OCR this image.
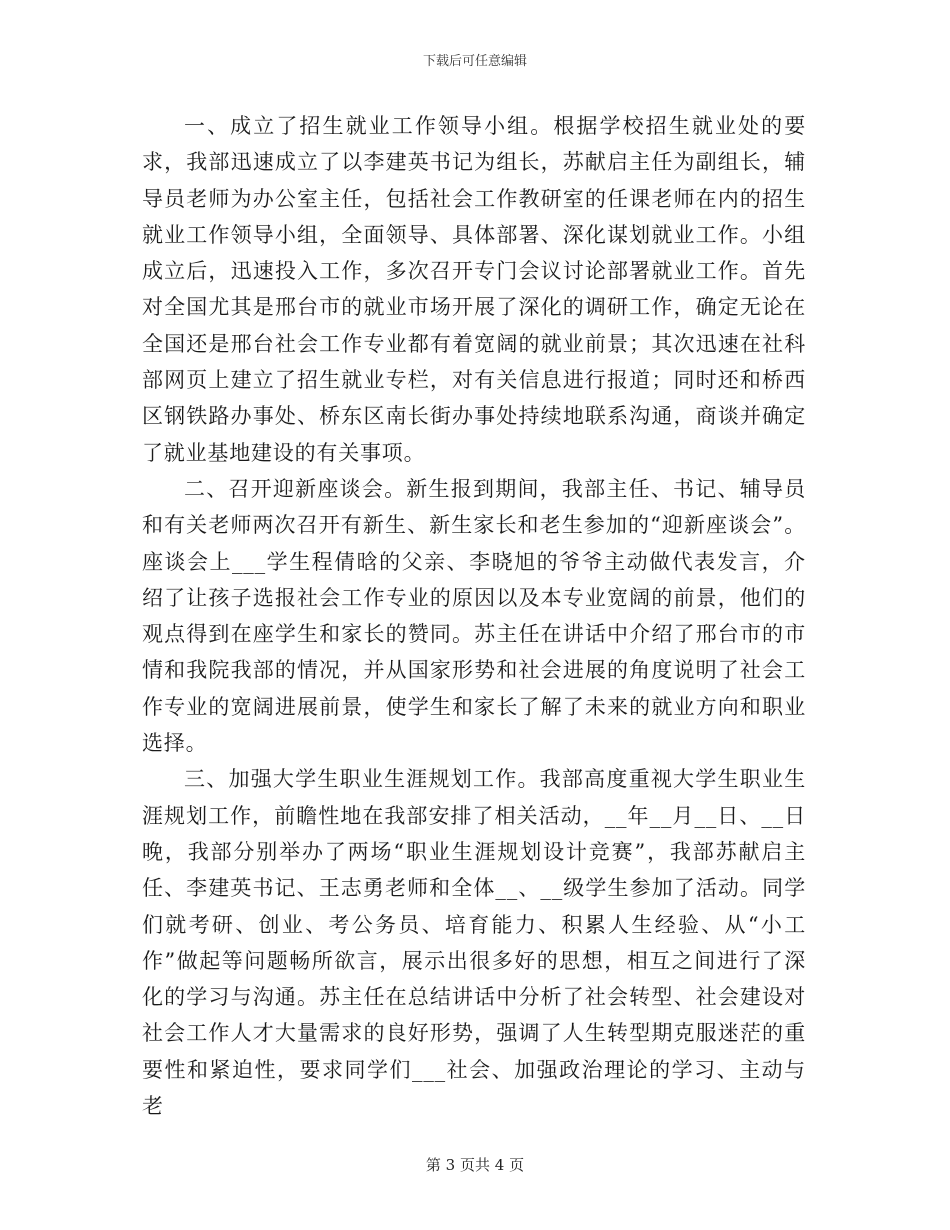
下载后可任意编辑

一、成立了招生就业工作领导小组。根据学校招生就业处的要求，我部迅速成立了以李建英书记为组长，苏献启主任为副组长，辅导员老师为办公室主任，包括社会工作教研室的任课老师在内的招生就业工作领导小组，全面领导、具体部署、深化谋划就业工作。小组成立后，迅速投入工作，多次召开专门会议讨论部署就业工作。首先对全国尤其是邢台市的就业市场开展了深化的调研工作，确定无论在全国还是邢台社会工作专业都有着宽阔的就业前景；其次迅速在社科部网页上建立了招生就业专栏，对有关信息进行报道；同时还和桥西区钢铁路办事处、桥东区南长街办事处持续地联系沟通，商谈并确定了就业基地建设的有关事项。

二、召开迎新座谈会。新生报到期间，我部主任、书记、辅导员和有关老师两次召开有新生、新生家长和老生参加的“迎新座谈会”。座谈会上___学生程倩晗的父亲、李晓旭的爷爷主动做代表发言，介绍了让孩子选报社会工作专业的原因以及本专业宽阔的前景，他们的观点得到在座学生和家长的赞同。苏主任在讲话中介绍了邢台市的市情和我院我部的情况，并从国家形势和社会进展的角度说明了社会工作专业的宽阔进展前景，使学生和家长了解了未来的就业方向和职业选择。

三、加强大学生职业生涯规划工作。我部高度重视大学生职业生涯规划工作，前瞻性地在我部安排了相关活动，__年__月__日、__日晚，我部分别举办了两场“职业生涯规划设计竞赛”，我部苏献启主任、李建英书记、王志勇老师和全体__、__级学生参加了活动。同学们就考研、创业、考公务员、培育能力、积累人生经验、从“小工作”做起等问题畅所欲言，展示出很多好的思想，相互之间进行了深化的学习与沟通。苏主任在总结讲话中分析了社会转型、社会建设对社会工作人才大量需求的良好形势，强调了人生转型期克服迷茫的重要性和紧迫性，要求同学们___社会、加强政治理论的学习、主动与老

第 3 页共 4 页
